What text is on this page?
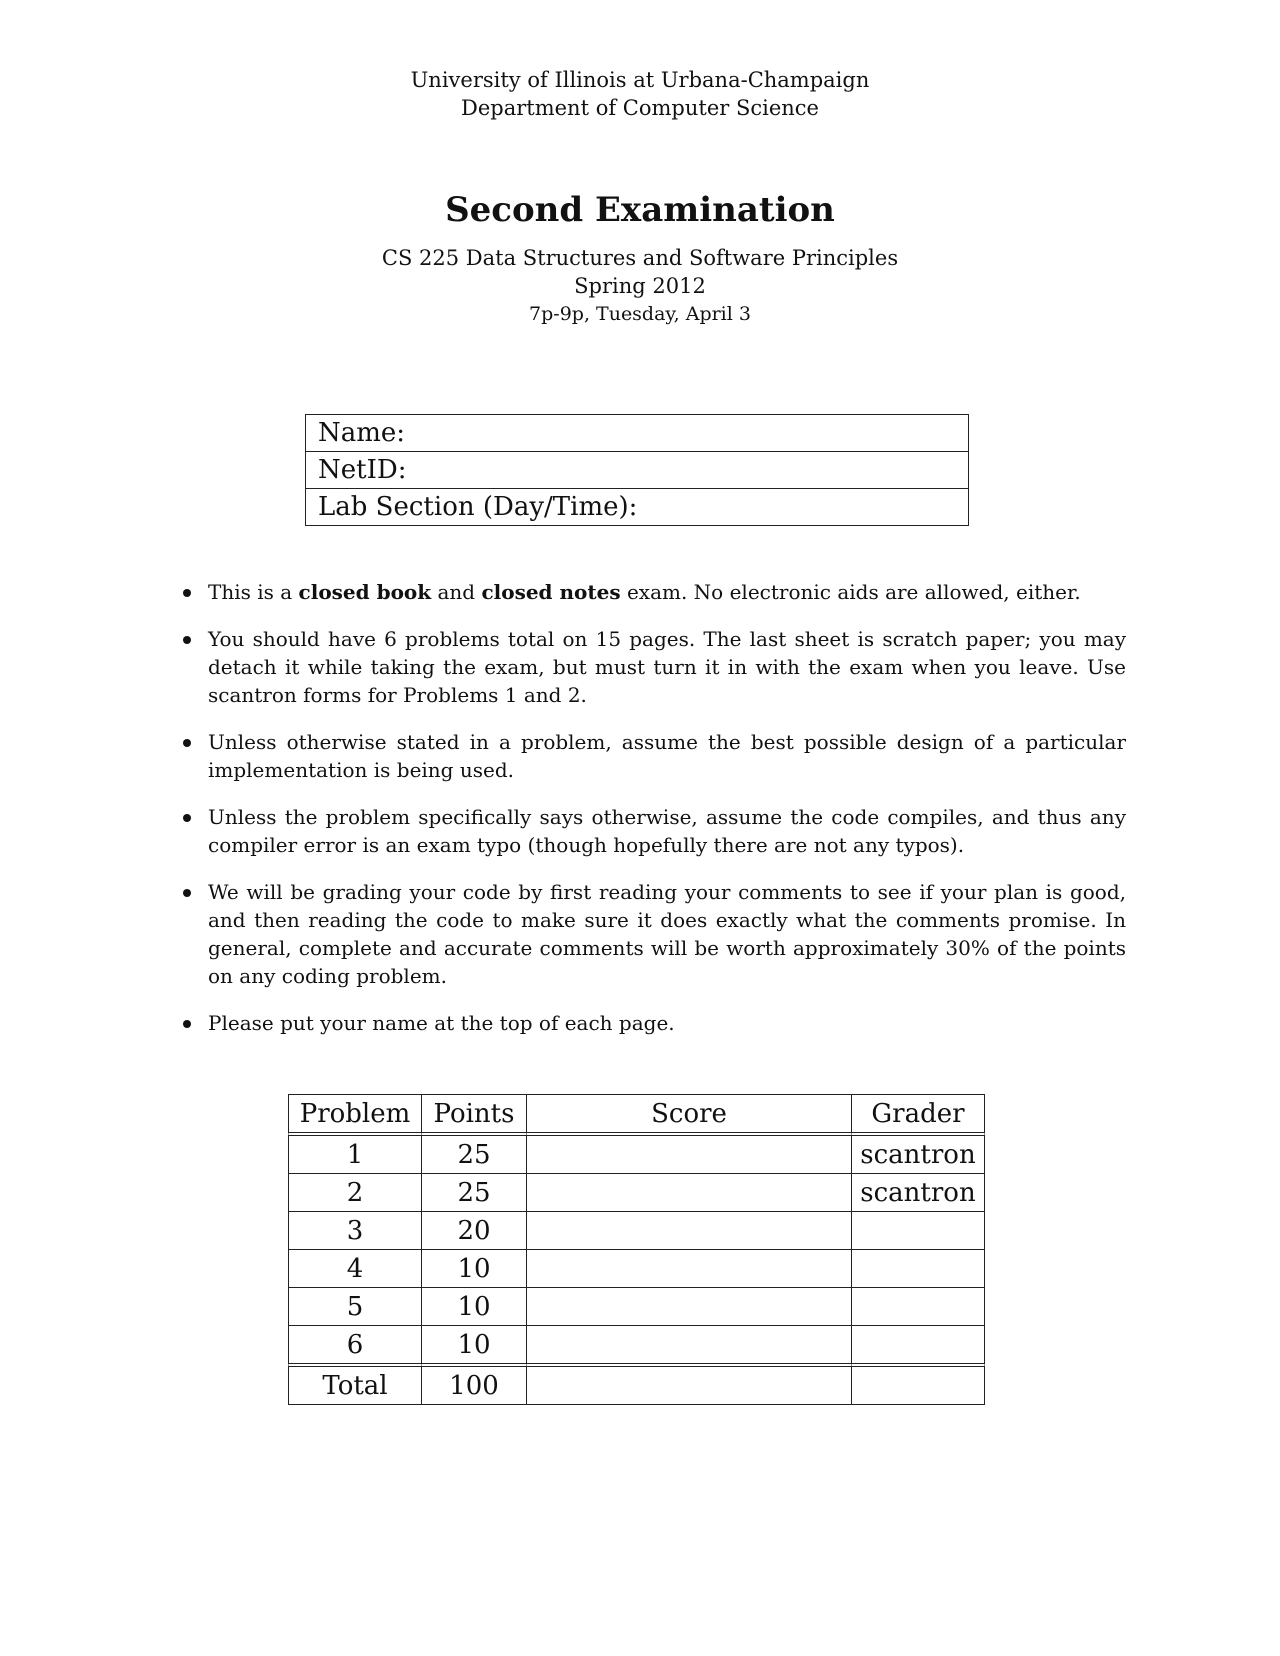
University of Illinois at Urbana-Champaign
Department of Computer Science
Second Examination
CS 225 Data Structures and Software Principles
Spring 2012
7p-9p, Tuesday, April 3
Name:
NetID:
Lab Section (Day/Time):
This is a closed book and closed notes exam. No electronic aids are allowed, either.
You should have 6 problems total on 15 pages. The last sheet is scratch paper; you may detach it while taking the exam, but must turn it in with the exam when you leave. Use scantron forms for Problems 1 and 2.
Unless otherwise stated in a problem, assume the best possible design of a particular implementation is being used.
Unless the problem specifically says otherwise, assume the code compiles, and thus any compiler error is an exam typo (though hopefully there are not any typos).
We will be grading your code by first reading your comments to see if your plan is good, and then reading the code to make sure it does exactly what the comments promise. In general, complete and accurate comments will be worth approximately 30% of the points on any coding problem.
Please put your name at the top of each page.
Problem	Points	Score	Grader
1	25		scantron
2	25		scantron
3	20		
4	10		
5	10		
6	10		
Total	100		
